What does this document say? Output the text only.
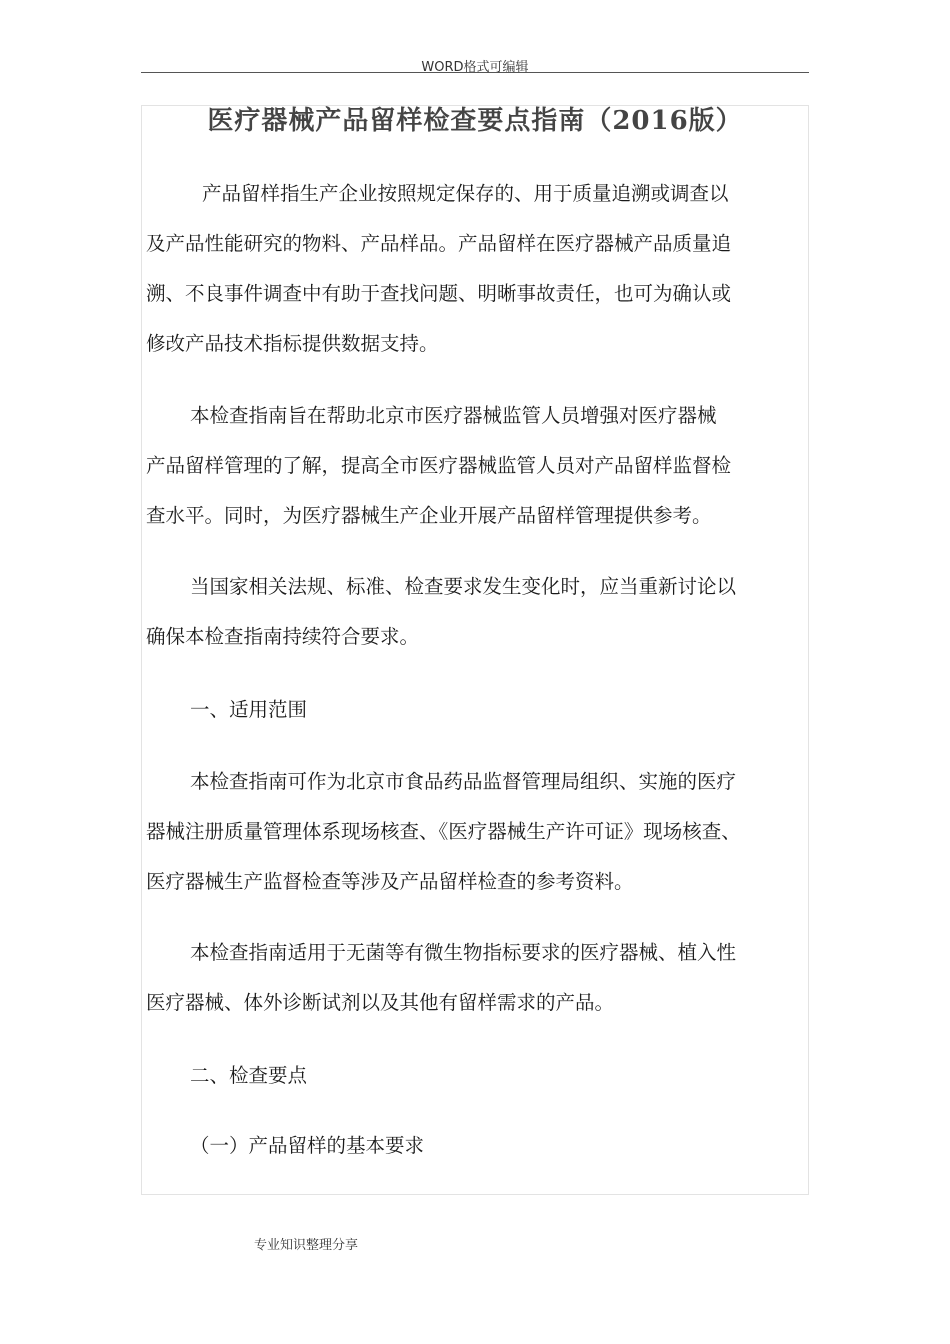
WORD格式可编辑
医疗器械产品留样检查要点指南（2016版）
产品留样指生产企业按照规定保存的、用于质量追溯或调查以
及产品性能研究的物料、产品样品。产品留样在医疗器械产品质量追
溯、不良事件调查中有助于查找问题、明晰事故责任，也可为确认或
修改产品技术指标提供数据支持。
本检查指南旨在帮助北京市医疗器械监管人员增强对医疗器械
产品留样管理的了解，提高全市医疗器械监管人员对产品留样监督检
查水平。同时，为医疗器械生产企业开展产品留样管理提供参考。
当国家相关法规、标准、检查要求发生变化时，应当重新讨论以
确保本检查指南持续符合要求。
一、适用范围
本检查指南可作为北京市食品药品监督管理局组织、实施的医疗
器械注册质量管理体系现场核查、《医疗器械生产许可证》现场核查、
医疗器械生产监督检查等涉及产品留样检查的参考资料。
本检查指南适用于无菌等有微生物指标要求的医疗器械、植入性
医疗器械、体外诊断试剂以及其他有留样需求的产品。
二、检查要点
（一）产品留样的基本要求
专业知识整理分享
